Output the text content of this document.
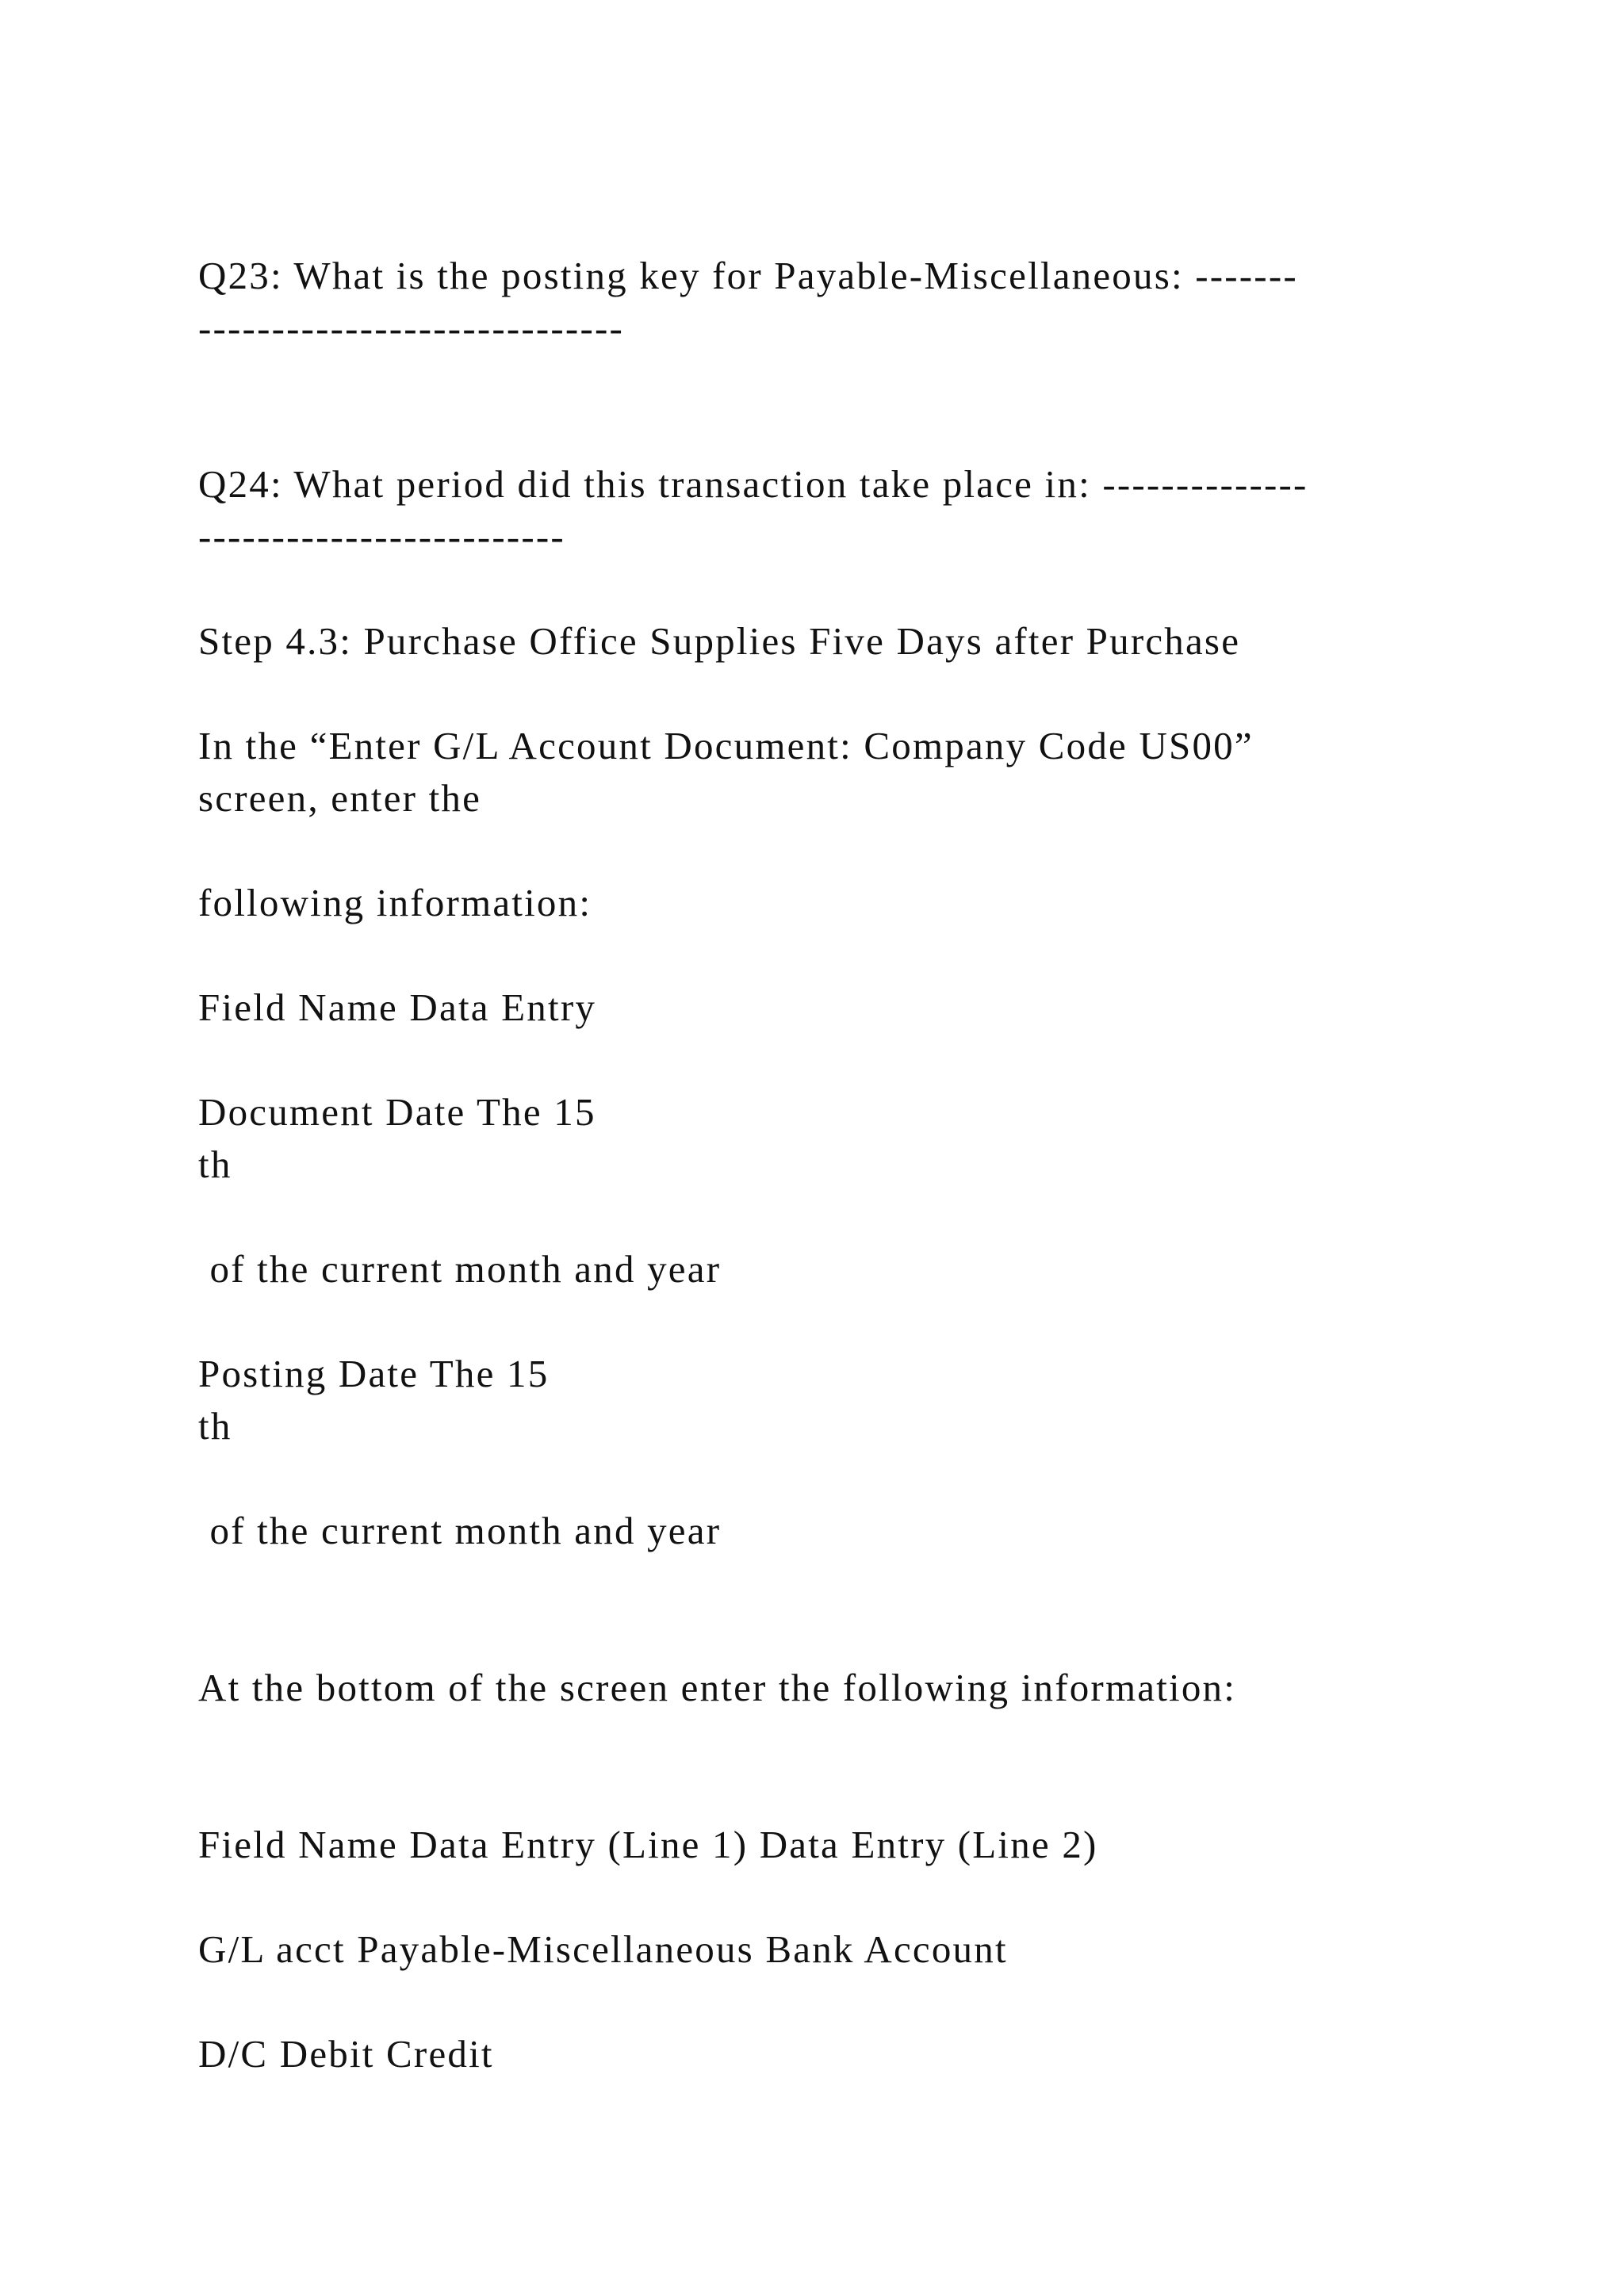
Q23: What is the posting key for Payable-Miscellaneous: -------

-----------------------------

Q24: What period did this transaction take place in: --------------

-------------------------

Step 4.3: Purchase Office Supplies Five Days after Purchase

In the “Enter G/L Account Document: Company Code US00”

screen, enter the

following information:

Field Name Data Entry

Document Date The 15

th

of the current month and year

Posting Date The 15

th

of the current month and year

At the bottom of the screen enter the following information:

Field Name Data Entry (Line 1) Data Entry (Line 2)

G/L acct Payable-Miscellaneous Bank Account

D/C Debit Credit
